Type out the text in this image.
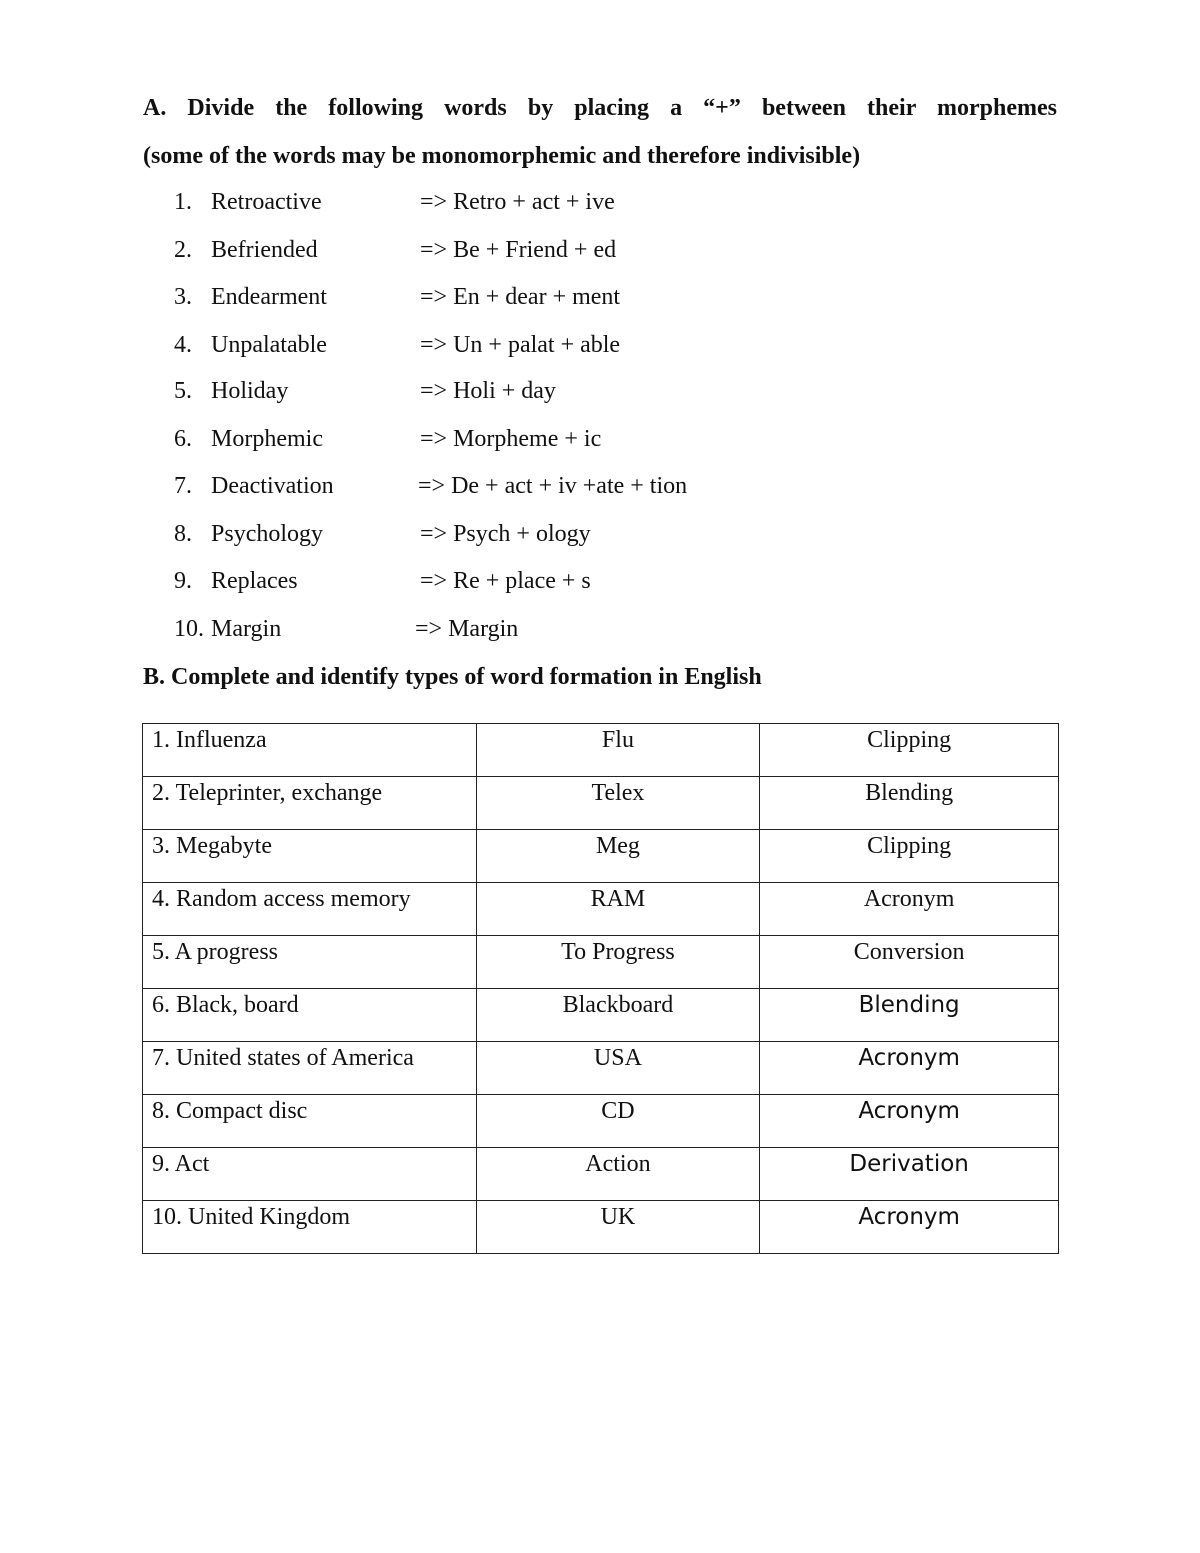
A. Divide the following words by placing a “+” between their morphemes
(some of the words may be monomorphemic and therefore indivisible)
1. Retroactive	=> Retro + act + ive
2. Befriended	=> Be + Friend + ed
3. Endearment	=> En + dear + ment
4. Unpalatable	=> Un + palat + able
5. Holiday	=> Holi + day
6. Morphemic	=> Morpheme + ic
7. Deactivation	=> De + act + iv +ate + tion
8. Psychology	=> Psych + ology
9. Replaces	=> Re + place + s
10. Margin	=> Margin
B. Complete and identify types of word formation in English
1. Influenza	Flu	Clipping
2. Teleprinter, exchange	Telex	Blending
3. Megabyte	Meg	Clipping
4. Random access memory	RAM	Acronym
5. A progress	To Progress	Conversion
6. Black, board	Blackboard	Blending
7. United states of America	USA	Acronym
8. Compact disc	CD	Acronym
9. Act	Action	Derivation
10. United Kingdom	UK	Acronym
